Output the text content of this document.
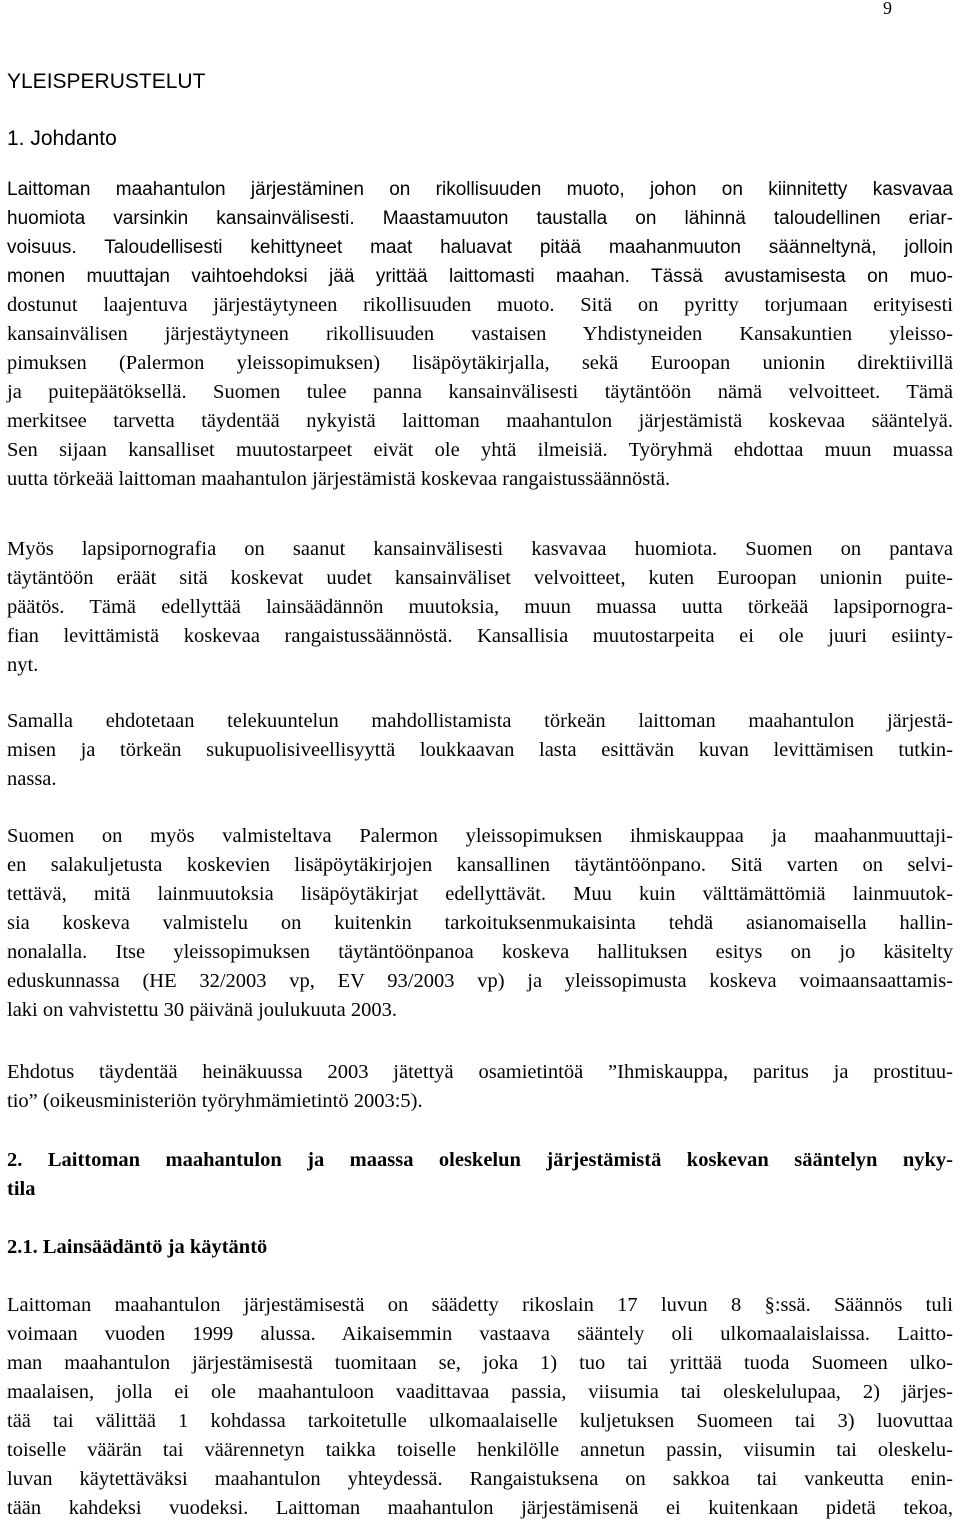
9
YLEISPERUSTELUT
1. Johdanto
Laittoman maahantulon järjestäminen on rikollisuuden muoto, johon on kiinnitetty kasvavaa
huomiota varsinkin kansainvälisesti. Maastamuuton taustalla on lähinnä taloudellinen eriar-
voisuus. Taloudellisesti kehittyneet maat haluavat pitää maahanmuuton säänneltynä, jolloin
monen muuttajan vaihtoehdoksi jää yrittää laittomasti maahan. Tässä avustamisesta on muo-
dostunut laajentuva järjestäytyneen rikollisuuden muoto. Sitä on pyritty torjumaan erityisesti
kansainvälisen järjestäytyneen rikollisuuden vastaisen Yhdistyneiden Kansakuntien yleisso-
pimuksen (Palermon yleissopimuksen) lisäpöytäkirjalla, sekä Euroopan unionin direktiivillä
ja puitepäätöksellä. Suomen tulee panna kansainvälisesti täytäntöön nämä velvoitteet. Tämä
merkitsee tarvetta täydentää nykyistä laittoman maahantulon järjestämistä koskevaa sääntelyä.
Sen sijaan kansalliset muutostarpeet eivät ole yhtä ilmeisiä. Työryhmä ehdottaa muun muassa
uutta törkeää laittoman maahantulon järjestämistä koskevaa rangaistussäännöstä.
Myös lapsipornografia on saanut kansainvälisesti kasvavaa huomiota. Suomen on pantava
täytäntöön eräät sitä koskevat uudet kansainväliset velvoitteet, kuten Euroopan unionin puite-
päätös. Tämä edellyttää lainsäädännön muutoksia, muun muassa uutta törkeää lapsipornogra-
fian levittämistä koskevaa rangaistussäännöstä. Kansallisia muutostarpeita ei ole juuri esiinty-
nyt.
Samalla ehdotetaan telekuuntelun mahdollistamista törkeän laittoman maahantulon järjestä-
misen ja törkeän sukupuolisiveellisyyttä loukkaavan lasta esittävän kuvan levittämisen tutkin-
nassa.
Suomen on myös valmisteltava Palermon yleissopimuksen ihmiskauppaa ja maahanmuuttaji-
en salakuljetusta koskevien lisäpöytäkirjojen kansallinen täytäntöönpano. Sitä varten on selvi-
tettävä, mitä lainmuutoksia lisäpöytäkirjat edellyttävät. Muu kuin välttämättömiä lainmuutok-
sia koskeva valmistelu on kuitenkin tarkoituksenmukaisinta tehdä asianomaisella hallin-
nonalalla. Itse yleissopimuksen täytäntöönpanoa koskeva hallituksen esitys on jo käsitelty
eduskunnassa (HE 32/2003 vp, EV 93/2003 vp) ja yleissopimusta koskeva voimaansaattamis-
laki on vahvistettu 30 päivänä joulukuuta 2003.
Ehdotus täydentää heinäkuussa 2003 jätettyä osamietintöä ”Ihmiskauppa, paritus ja prostituu-
tio” (oikeusministeriön työryhmämietintö 2003:5).
2. Laittoman maahantulon ja maassa oleskelun järjestämistä koskevan sääntelyn nyky-
tila
2.1. Lainsäädäntö ja käytäntö
Laittoman maahantulon järjestämisestä on säädetty rikoslain 17 luvun 8 §:ssä. Säännös tuli
voimaan vuoden 1999 alussa. Aikaisemmin vastaava sääntely oli ulkomaalaislaissa. Laitto-
man maahantulon järjestämisestä tuomitaan se, joka 1) tuo tai yrittää tuoda Suomeen ulko-
maalaisen, jolla ei ole maahantuloon vaadittavaa passia, viisumia tai oleskelulupaa, 2) järjes-
tää tai välittää 1 kohdassa tarkoitetulle ulkomaalaiselle kuljetuksen Suomeen tai 3) luovuttaa
toiselle väärän tai väärennetyn taikka toiselle henkilölle annetun passin, viisumin tai oleskelu-
luvan käytettäväksi maahantulon yhteydessä. Rangaistuksena on sakkoa tai vankeutta enin-
tään kahdeksi vuodeksi. Laittoman maahantulon järjestämisenä ei kuitenkaan pidetä tekoa,
